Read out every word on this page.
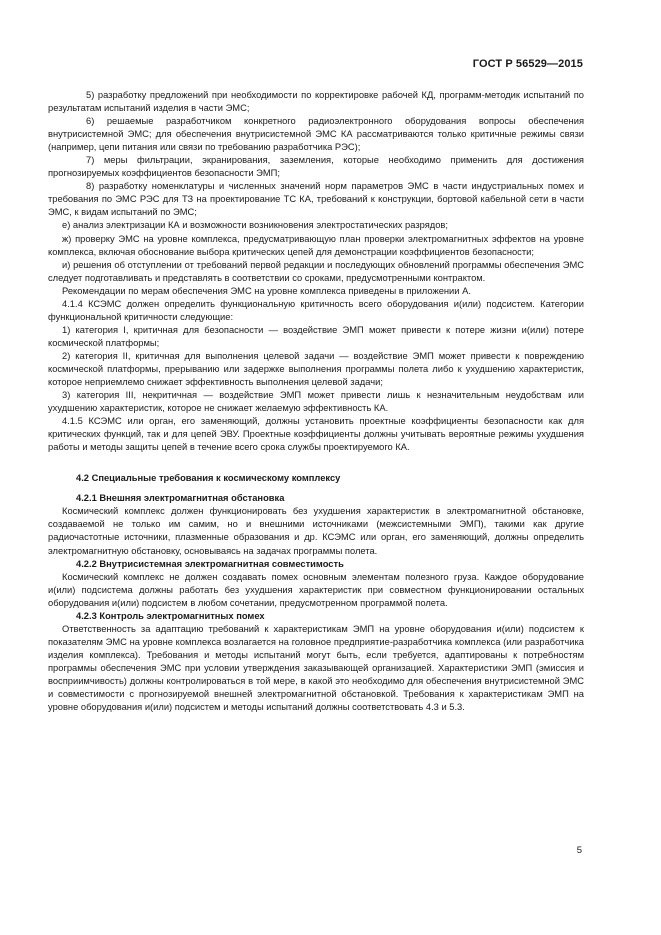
ГОСТ Р 56529—2015

5) разработку предложений при необходимости по корректировке рабочей КД, программ-методик испытаний по результатам испытаний изделия в части ЭМС;

6) решаемые разработчиком конкретного радиоэлектронного оборудования вопросы обеспечения внутрисистемной ЭМС; для обеспечения внутрисистемной ЭМС КА рассматриваются только критичные режимы связи (например, цепи питания или связи по требованию разработчика РЭС);

7) меры фильтрации, экранирования, заземления, которые необходимо применить для достижения прогнозируемых коэффициентов безопасности ЭМП;

8) разработку номенклатуры и численных значений норм параметров ЭМС в части индустриальных помех и требования по ЭМС РЭС для ТЗ на проектирование ТС КА, требований к конструкции, бортовой кабельной сети в части ЭМС, к видам испытаний по ЭМС;

е) анализ электризации КА и возможности возникновения электростатических разрядов;

ж) проверку ЭМС на уровне комплекса, предусматривающую план проверки электромагнитных эффектов на уровне комплекса, включая обоснование выбора критических цепей для демонстрации коэффициентов безопасности;

и) решения об отступлении от требований первой редакции и последующих обновлений программы обеспечения ЭМС следует подготавливать и представлять в соответствии со сроками, предусмотренными контрактом.

Рекомендации по мерам обеспечения ЭМС на уровне комплекса приведены в приложении А.

4.1.4 КСЭМС должен определить функциональную критичность всего оборудования и(или) подсистем. Категории функциональной критичности следующие:

1) категория I, критичная для безопасности — воздействие ЭМП может привести к потере жизни и(или) потере космической платформы;

2) категория II, критичная для выполнения целевой задачи — воздействие ЭМП может привести к повреждению космической платформы, прерыванию или задержке выполнения программы полета либо к ухудшению характеристик, которое неприемлемо снижает эффективность выполнения целевой задачи;

3) категория III, некритичная — воздействие ЭМП может привести лишь к незначительным неудобствам или ухудшению характеристик, которое не снижает желаемую эффективность КА.

4.1.5 КСЭМС или орган, его заменяющий, должны установить проектные коэффициенты безопасности как для критических функций, так и для цепей ЭВУ. Проектные коэффициенты должны учитывать вероятные режимы ухудшения работы и методы защиты цепей в течение всего срока службы проектируемого КА.

4.2 Специальные требования к космическому комплексу
4.2.1 Внешняя электромагнитная обстановка

Космический комплекс должен функционировать без ухудшения характеристик в электромагнитной обстановке, создаваемой не только им самим, но и внешними источниками (межсистемными ЭМП), такими как другие радиочастотные источники, плазменные образования и др. КСЭМС или орган, его заменяющий, должны определить электромагнитную обстановку, основываясь на задачах программы полета.

4.2.2 Внутрисистемная электромагнитная совместимость

Космический комплекс не должен создавать помех основным элементам полезного груза. Каждое оборудование и(или) подсистема должны работать без ухудшения характеристик при совместном функционировании остальных оборудования и(или) подсистем в любом сочетании, предусмотренном программой полета.

4.2.3 Контроль электромагнитных помех

Ответственность за адаптацию требований к характеристикам ЭМП на уровне оборудования и(или) подсистем к показателям ЭМС на уровне комплекса возлагается на головное предприятие-разработчика комплекса (или разработчика изделия комплекса). Требования и методы испытаний могут быть, если требуется, адаптированы к потребностям программы обеспечения ЭМС при условии утверждения заказывающей организацией. Характеристики ЭМП (эмиссия и восприимчивость) должны контролироваться в той мере, в какой это необходимо для обеспечения внутрисистемной ЭМС и совместимости с прогнозируемой внешней электромагнитной обстановкой. Требования к характеристикам ЭМП на уровне оборудования и(или) подсистем и методы испытаний должны соответствовать 4.3 и 5.3.

5
